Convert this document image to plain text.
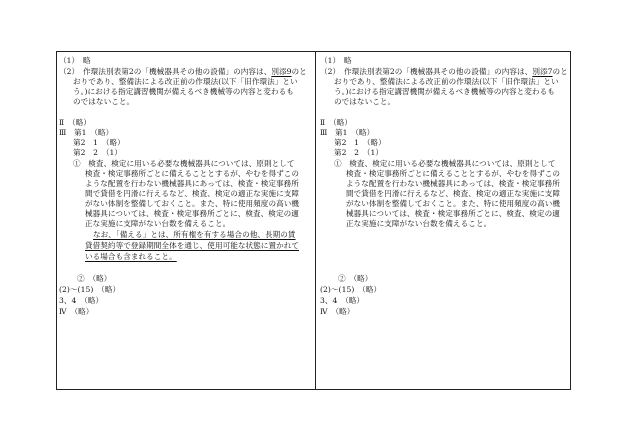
（1）　略
（2）　作環法別表第2の「機械器具その他の設備」の内容は、別添9のと
おりであり、整備法による改正前の作環法(以下「旧作環法」とい
う。)における指定講習機関が備えるべき機械等の内容と変わるも
のではないこと。
Ⅱ　（略）
Ⅲ　第1　（略）
第2　1　（略）
第2　2　（1）
①　検査、検定に用いる必要な機械器具については、原則として
検査・検定事務所ごとに備えることとするが、やむを得ずこの
ような配置を行わない機械器具にあっては、検査・検定事務所
間で貸借を円滑に行えるなど、検査、検定の適正な実施に支障
がない体制を整備しておくこと。また、特に使用頻度の高い機
械器具については、検査・検定事務所ごとに、検査、検定の適
正な実施に支障がない台数を備えること。
なお、「備える」とは、所有権を有する場合の他、長期の賃
貸借契約等で登録期間全体を通じ、使用可能な状態に置かれて
いる場合も含まれること。
②　（略）
(2)～(15)　（略）
3、4　（略）
Ⅳ　（略）
（1）　略
（2）　作環法別表第2の「機械器具その他の設備」の内容は、別添7のと
おりであり、整備法による改正前の作環法(以下「旧作環法」とい
う。)における指定講習機関が備えるべき機械等の内容と変わるも
のではないこと。
Ⅱ　（略）
Ⅲ　第1　（略）
第2　1　（略）
第2　2　（1）
①　検査、検定に用いる必要な機械器具については、原則として
検査・検定事務所ごとに備えることとするが、やむを得ずこの
ような配置を行わない機械器具にあっては、検査・検定事務所
間で貸借を円滑に行えるなど、検査、検定の適正な実施に支障
がない体制を整備しておくこと。また、特に使用頻度の高い機
械器具については、検査・検定事務所ごとに、検査、検定の適
正な実施に支障がない台数を備えること。
②　（略）
(2)～(15)　（略）
3、4　（略）
Ⅳ　（略）
